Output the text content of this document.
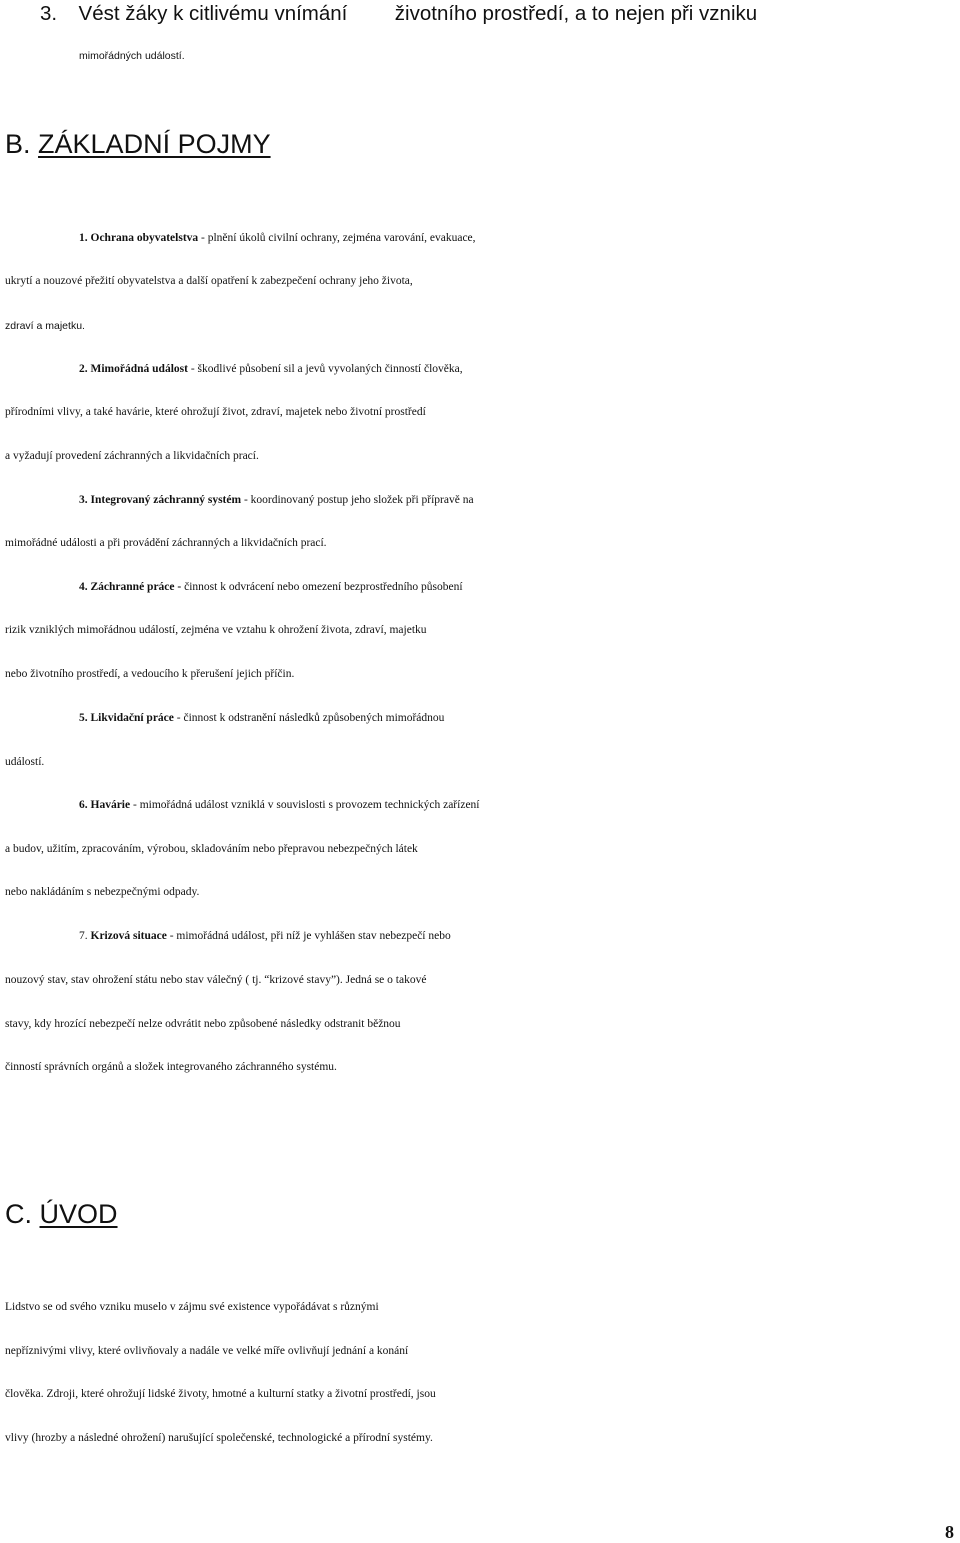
3. Vést žáky k citlivému vnímání životního prostředí, a to nejen při vzniku
mimořádných událostí.
B. ZÁKLADNÍ POJMY
1. Ochrana obyvatelstva - plnění úkolů civilní ochrany, zejména varování, evakuace,
ukrytí a nouzové přežití obyvatelstva a další opatření k zabezpečení ochrany jeho života,
zdraví a majetku.
2. Mimořádná událost - škodlivé působení sil a jevů vyvolaných činností člověka,
přírodními vlivy, a také havárie, které ohrožují život, zdraví, majetek nebo životní prostředí
a vyžadují provedení záchranných a likvidačních prací.
3. Integrovaný záchranný systém - koordinovaný postup jeho složek při přípravě na
mimořádné události a při provádění záchranných a likvidačních prací.
4. Záchranné práce - činnost k odvrácení nebo omezení bezprostředního působení
rizik vzniklých mimořádnou událostí, zejména ve vztahu k ohrožení života, zdraví, majetku
nebo životního prostředí, a vedoucího k přerušení jejich příčin.
5. Likvidační práce - činnost k odstranění následků způsobených mimořádnou
událostí.
6. Havárie - mimořádná událost vzniklá v souvislosti s provozem technických zařízení
a budov, užitím, zpracováním, výrobou, skladováním nebo přepravou nebezpečných látek
nebo nakládáním s nebezpečnými odpady.
7. Krizová situace - mimořádná událost, při níž je vyhlášen stav nebezpečí nebo
nouzový stav, stav ohrožení státu nebo stav válečný ( tj. “krizové stavy”). Jedná se o takové
stavy, kdy hrozící nebezpečí nelze odvrátit nebo způsobené následky odstranit běžnou
činností správních orgánů a složek integrovaného záchranného systému.
C. ÚVOD
Lidstvo se od svého vzniku muselo v zájmu své existence vypořádávat s různými
nepříznivými vlivy, které ovlivňovaly a nadále ve velké míře ovlivňují jednání a konání
člověka. Zdroji, které ohrožují lidské životy, hmotné a kulturní statky a životní prostředí, jsou
vlivy (hrozby a následné ohrožení) narušující společenské, technologické a přírodní systémy.
8
